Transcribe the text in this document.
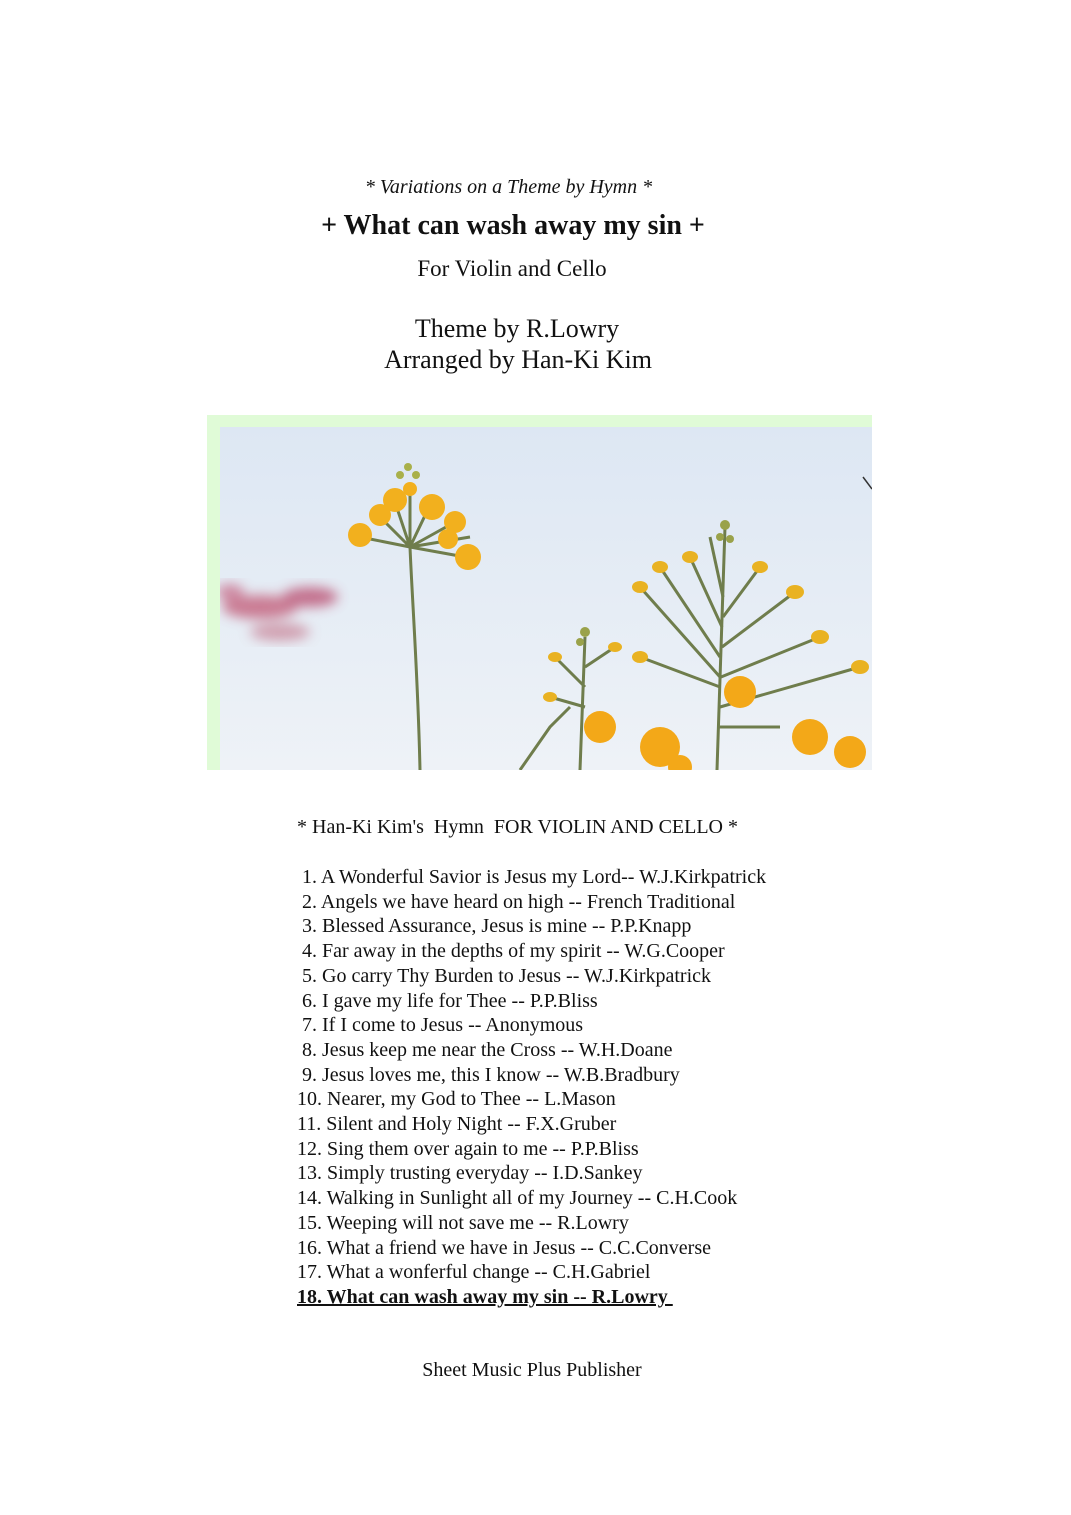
* Variations on a Theme by Hymn *
+ What can wash away my sin +
For Violin and Cello
Theme by R.Lowry
Arranged by Han-Ki Kim
* Han-Ki Kim's  Hymn  FOR VIOLIN AND CELLO *
1. A Wonderful Savior is Jesus my Lord-- W.J.Kirkpatrick
2. Angels we have heard on high -- French Traditional
3. Blessed Assurance, Jesus is mine -- P.P.Knapp
4. Far away in the depths of my spirit -- W.G.Cooper
5. Go carry Thy Burden to Jesus -- W.J.Kirkpatrick
6. I gave my life for Thee -- P.P.Bliss
7. If I come to Jesus -- Anonymous
8. Jesus keep me near the Cross -- W.H.Doane
9. Jesus loves me, this I know -- W.B.Bradbury
10. Nearer, my God to Thee -- L.Mason
11. Silent and Holy Night -- F.X.Gruber
12. Sing them over again to me -- P.P.Bliss
13. Simply trusting everyday -- I.D.Sankey
14. Walking in Sunlight all of my Journey -- C.H.Cook
15. Weeping will not save me -- R.Lowry
16. What a friend we have in Jesus -- C.C.Converse
17. What a wonferful change -- C.H.Gabriel
18. What can wash away my sin -- R.Lowry
Sheet Music Plus Publisher
